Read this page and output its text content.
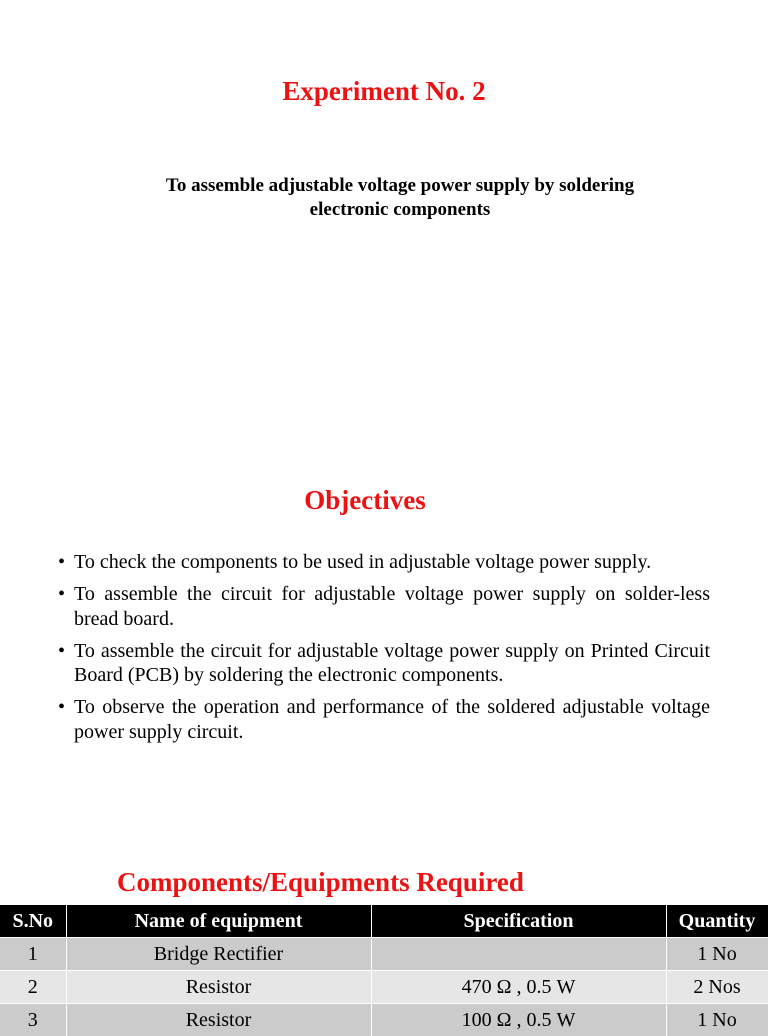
Experiment No. 2
To assemble adjustable voltage power supply by soldering
electronic components
Objectives
• To check the components to be used in adjustable voltage power supply.
• To assemble the circuit for adjustable voltage power supply on solder-less bread board.
• To assemble the circuit for adjustable voltage power supply on Printed Circuit Board (PCB) by soldering the electronic components.
• To observe the operation and performance of the soldered adjustable voltage power supply circuit.
Components/Equipments Required
S.No	Name of equipment	Specification	Quantity
1	Bridge Rectifier		1 No
2	Resistor	470 Ω , 0.5 W	2 Nos
3	Resistor	100 Ω , 0.5 W	1 No
